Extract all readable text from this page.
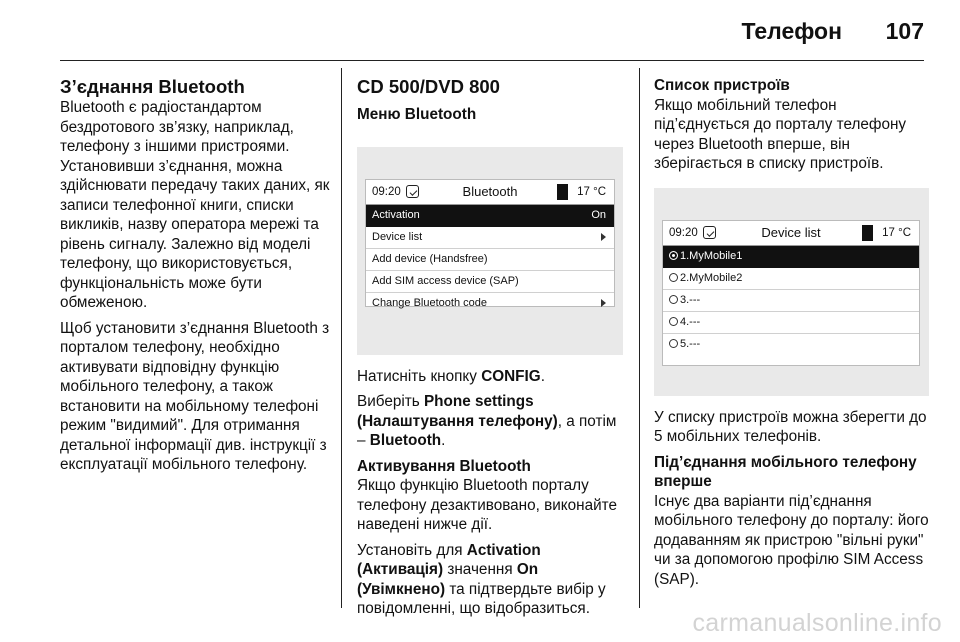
Телефон 107
З’єднання Bluetooth

Bluetooth є радіостандартом бездротового зв’язку, наприклад, телефону з іншими пристроями. Установивши з’єднання, можна здійснювати передачу таких даних, як записи телефонної книги, списки викликів, назву оператора мережі та рівень сигналу. Залежно від моделі телефону, що використовується, функціональність може бути обмеженою.

Щоб установити з’єднання Bluetooth з порталом телефону, необхідно активувати відповідну функцію мобільного телефону, а також встановити на мобільному телефоні режим "видимий". Для отримання детальної інформації див. інструкції з експлуатації мобільного телефону.

CD 500/DVD 800
Меню Bluetooth
09:20	Bluetooth	17 °C
Activation	On
Device list
Add device (Handsfree)
Add SIM access device (SAP)
Change Bluetooth code

Натисніть кнопку CONFIG.

Виберіть Phone settings (Налаштування телефону), а потім – Bluetooth.

Активування Bluetooth

Якщо функцію Bluetooth порталу телефону дезактивовано, виконайте наведені нижче дії.

Установіть для Activation (Активація) значення On (Увімкнено) та підтвердьте вибір у повідомленні, що відобразиться.

Список пристроїв

Якщо мобільний телефон під’єднується до порталу телефону через Bluetooth вперше, він зберігається в списку пристроїв.

09:20	Device list	17 °C
1.MyMobile1
2.MyMobile2
3.---
4.---
5.---

У списку пристроїв можна зберегти до 5 мобільних телефонів.

Під’єднання мобільного телефону вперше

Існує два варіанти під’єднання мобільного телефону до порталу: його додаванням як пристрою "вільні руки" чи за допомогою профілю SIM Access (SAP).

carmanualsonline.info
